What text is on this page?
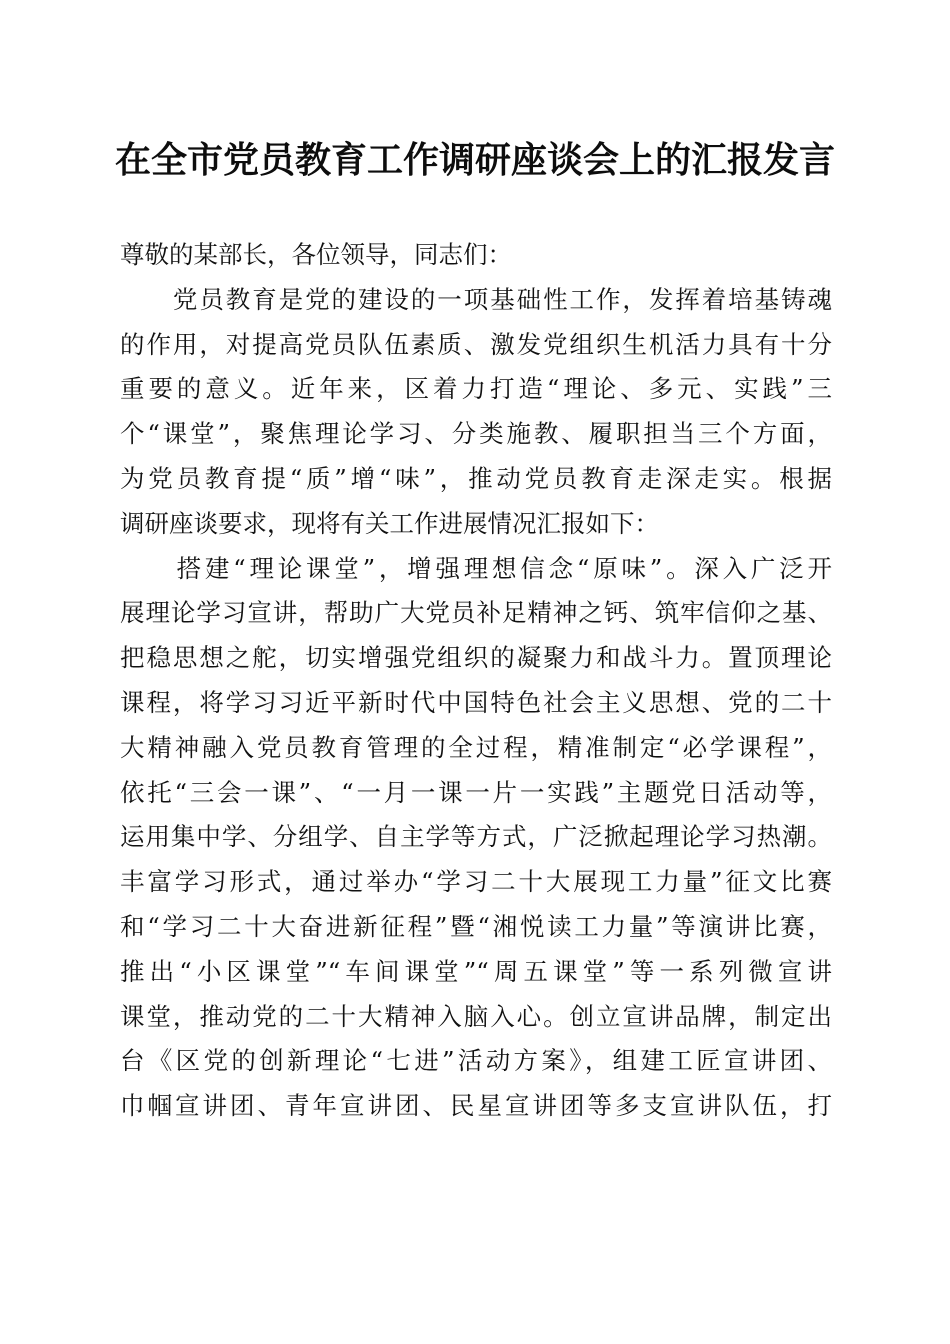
在全市党员教育工作调研座谈会上的汇报发言
尊敬的某部长，各位领导，同志们：
　　党员教育是党的建设的一项基础性工作，发挥着培基铸魂
的作用，对提高党员队伍素质、激发党组织生机活力具有十分
重要的意义。近年来，区着力打造“理论、多元、实践”三
个“课堂”，聚焦理论学习、分类施教、履职担当三个方面，
为党员教育提“质”增“味”，推动党员教育走深走实。根据
调研座谈要求，现将有关工作进展情况汇报如下：
　　搭建“理论课堂”，增强理想信念“原味”。深入广泛开
展理论学习宣讲，帮助广大党员补足精神之钙、筑牢信仰之基、
把稳思想之舵，切实增强党组织的凝聚力和战斗力。置顶理论
课程，将学习习近平新时代中国特色社会主义思想、党的二十
大精神融入党员教育管理的全过程，精准制定“必学课程”，
依托“三会一课”、“一月一课一片一实践”主题党日活动等，
运用集中学、分组学、自主学等方式，广泛掀起理论学习热潮。
丰富学习形式，通过举办“学习二十大展现工力量”征文比赛
和“学习二十大奋进新征程”暨“湘悦读工力量”等演讲比赛，
推出“小区课堂”“车间课堂”“周五课堂”等一系列微宣讲
课堂，推动党的二十大精神入脑入心。创立宣讲品牌，制定出
台《区党的创新理论“七进”活动方案》，组建工匠宣讲团、
巾帼宣讲团、青年宣讲团、民星宣讲团等多支宣讲队伍，打
